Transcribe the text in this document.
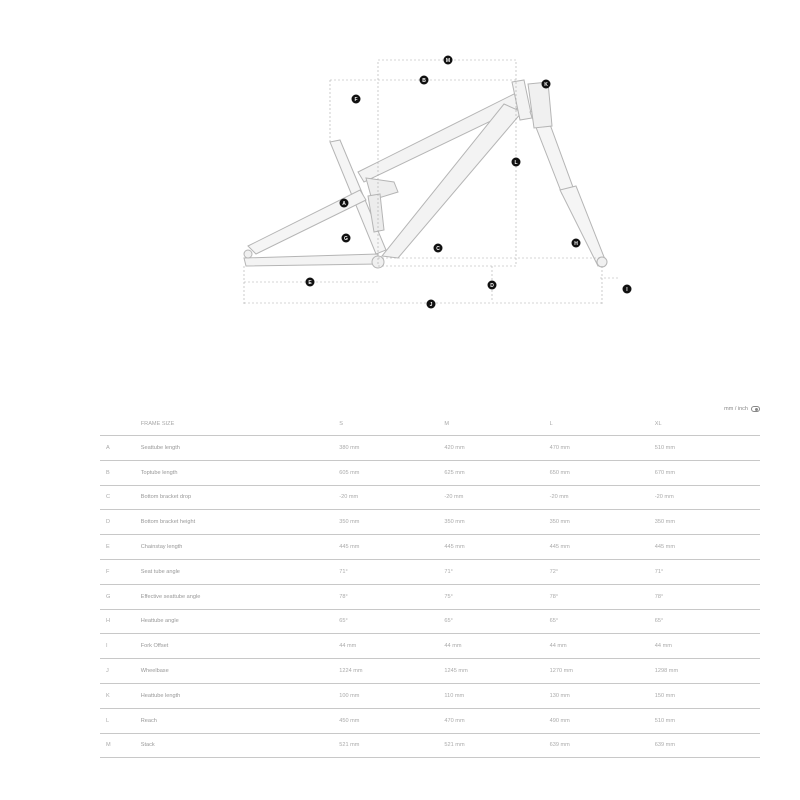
M
B
K
F
L
A
G
H
C
E	D
I
J
mm / inch
	FRAME SIZE	S	M	L	XL
A	Seattube length	380 mm	420 mm	470 mm	510 mm
B	Toptube length	605 mm	625 mm	650 mm	670 mm
C	Bottom bracket drop	-20 mm	-20 mm	-20 mm	-20 mm
D	Bottom bracket height	350 mm	350 mm	350 mm	350 mm
E	Chainstay length	445 mm	445 mm	445 mm	445 mm
F	Seat tube angle	71°	71°	72°	71°
G	Effective seattube angle	78°	75°	78°	78°
H	Heattube angle	65°	65°	65°	65°
I	Fork Offset	44 mm	44 mm	44 mm	44 mm
J	Wheelbase	1224 mm	1245 mm	1270 mm	1298 mm
K	Heattube length	100 mm	110 mm	130 mm	150 mm
L	Reach	450 mm	470 mm	490 mm	510 mm
M	Stack	521 mm	521 mm	639 mm	639 mm
